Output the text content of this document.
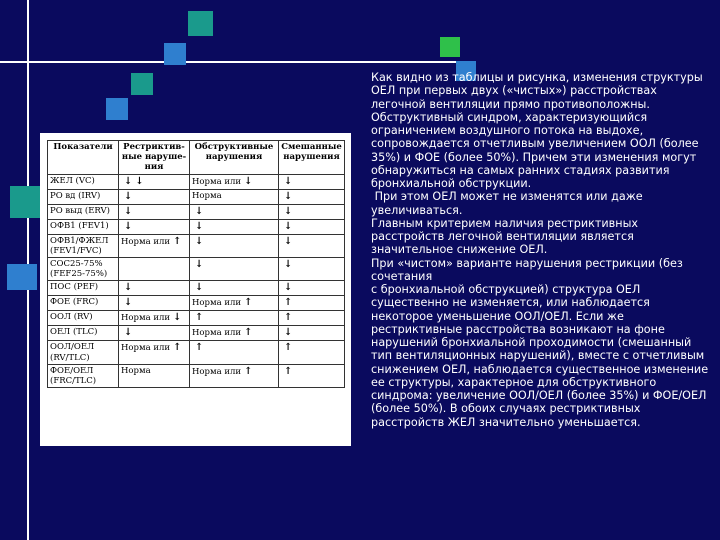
Показатели	Рестриктив-ные наруше-ния	Обструктивные нарушения	Смешанные нарушения
ЖЕЛ (VC)	↓ ↓	Норма или ↓	↓
РО вд (IRV)	↓	Норма	↓
РО выд (ERV)	↓	↓	↓
ОФВ1 (FEV1)	↓	↓	↓
ОФВ1/ФЖЕЛ (FEV1/FVC)	Норма или ↑	↓	↓
СОС25-75% (FEF25-75%)		↓	↓
ПОС (PEF)	↓	↓	↓
ФОЕ (FRC)	↓	Норма или ↑	↑
ООЛ (RV)	Норма или ↓	↑	↑
ОЕЛ (TLC)	↓	Норма или ↑	↓
ООЛ/ОЕЛ (RV/TLC)	Норма или ↑	↑	↑
ФОЕ/ОЕЛ (FRC/TLC)	Норма	Норма или ↑	↑

Как видно из таблицы и рисунка, изменения структуры ОЕЛ при первых двух («чистых») расстройствах легочной вентиляции прямо противоположны.

Обструктивный синдром, характеризующийся ограничением воздушного потока на выдохе, сопровождается отчетливым увеличением ООЛ (более 35%) и ФОЕ (более 50%). Причем эти изменения могут обнаружиться на самых ранних стадиях развития бронхиальной обструкции.

При этом ОЕЛ может не изменятся или даже увеличиваться.

Главным критерием наличия рестриктивных расстройств легочной вентиляции является значительное снижение ОЕЛ.

При «чистом» варианте нарушения рестрикции (без сочетания

с бронхиальной обструкцией) структура ОЕЛ существенно не изменяется, или наблюдается некоторое уменьшение ООЛ/ОЕЛ. Если же рестриктивные расстройства возникают на фоне нарушений бронхиальной проходимости (смешанный тип вентиляционных нарушений), вместе с отчетливым снижением ОЕЛ, наблюдается существенное изменение ее структуры, характерное для обструктивного синдрома: увеличение ООЛ/ОЕЛ (более 35%) и ФОЕ/ОЕЛ (более 50%). В обоих случаях рестриктивных расстройств ЖЕЛ значительно уменьшается.
